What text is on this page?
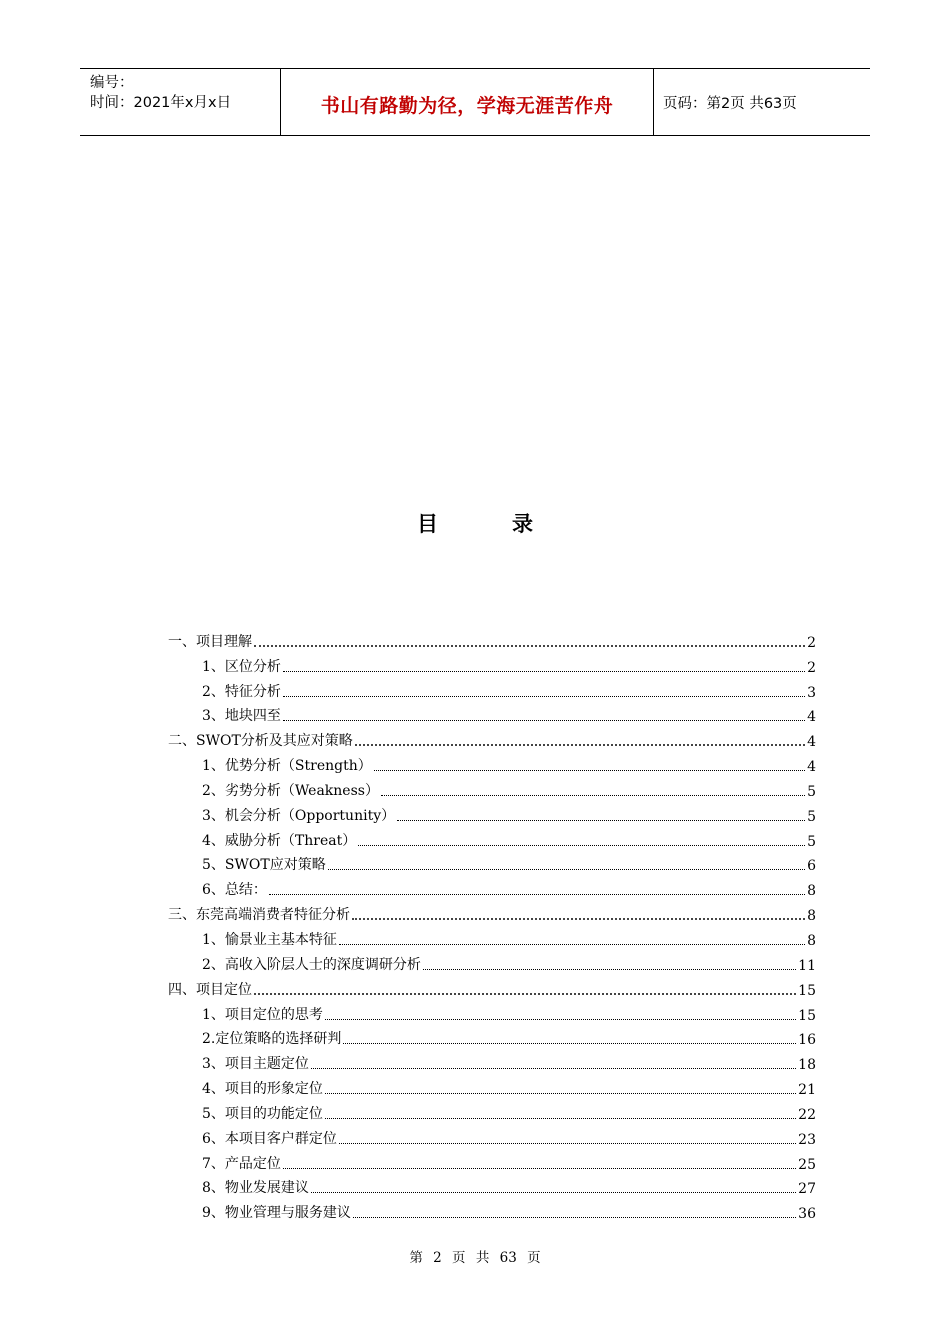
编号：
时间：2021年x月x日	书山有路勤为径，学海无涯苦作舟	页码：第2页 共63页
目录
一、项目理解	2
1、区位分析	2
2、特征分析	3
3、地块四至	4
二、SWOT分析及其应对策略	4
1、优势分析（Strength）	4
2、劣势分析（Weakness）	5
3、机会分析（Opportunity）	5
4、威胁分析（Threat）	5
5、SWOT应对策略	6
6、总结：	8
三、东莞高端消费者特征分析	8
1、愉景业主基本特征	8
2、高收入阶层人士的深度调研分析	11
四、项目定位	15
1、项目定位的思考	15
2.定位策略的选择研判	16
3、项目主题定位	18
4、项目的形象定位	21
5、项目的功能定位	22
6、本项目客户群定位	23
7、产品定位	25
8、物业发展建议	27
9、物业管理与服务建议	36
第 2 页 共 63 页
